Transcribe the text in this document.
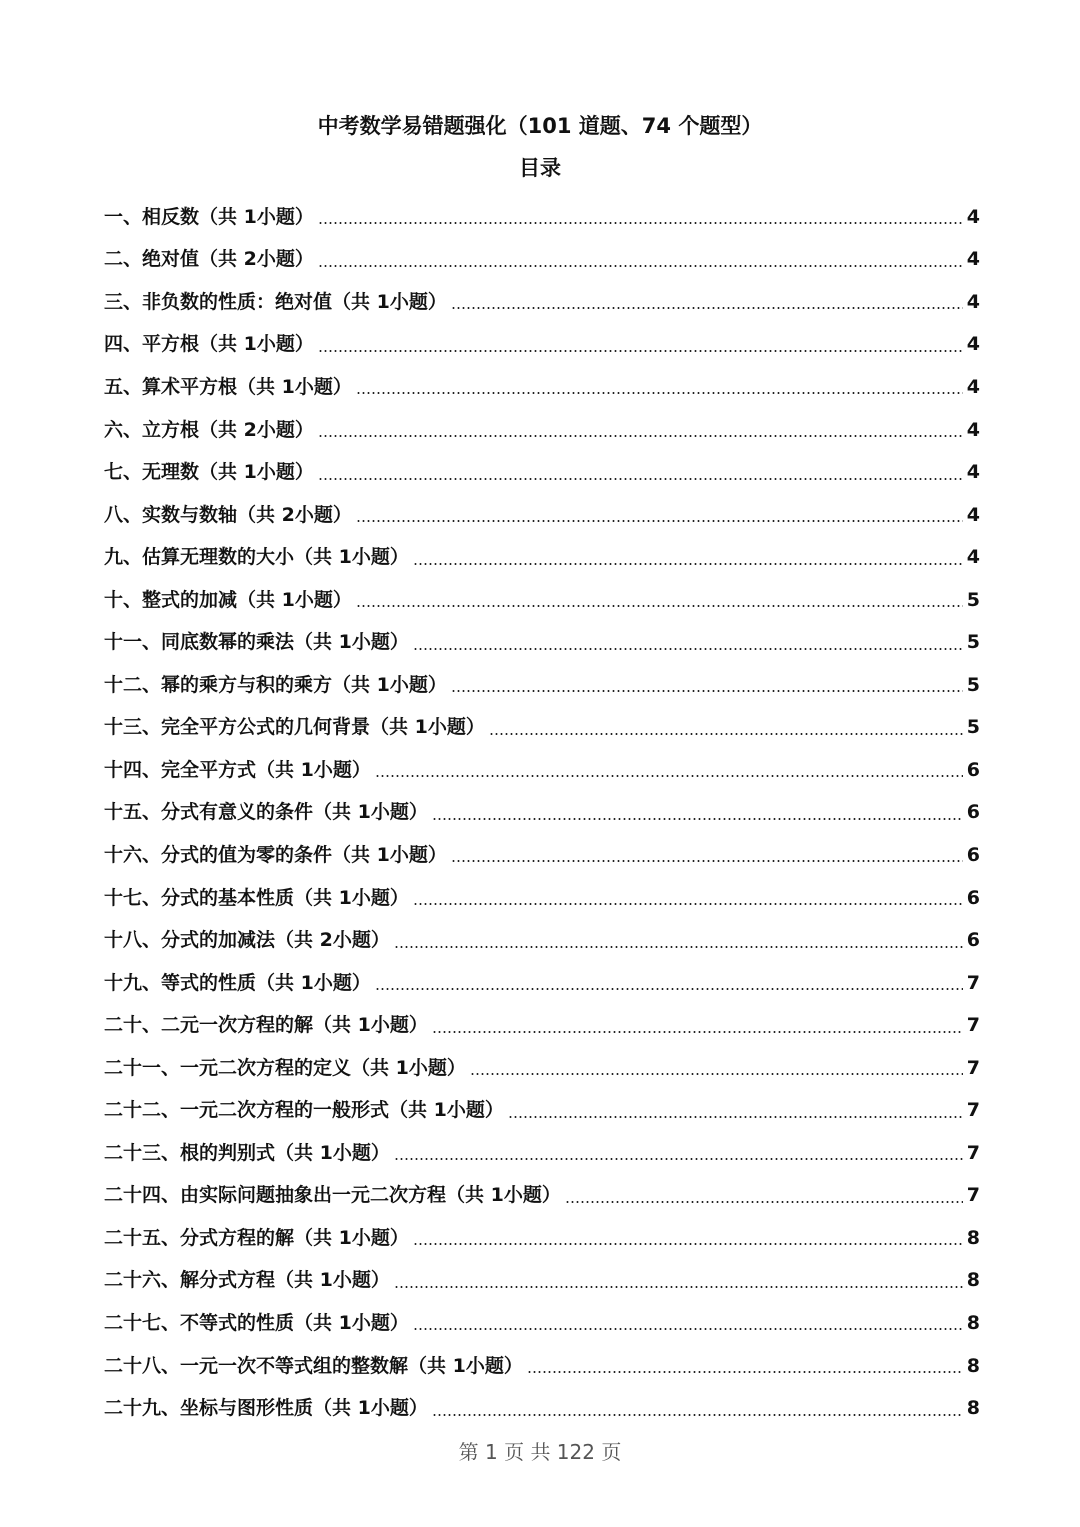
中考数学易错题强化（101 道题、74 个题型）
目录
一、相反数（共 1小题）	4
二、绝对值（共 2小题）	4
三、非负数的性质：绝对值（共 1小题）	4
四、平方根（共 1小题）	4
五、算术平方根（共 1小题）	4
六、立方根（共 2小题）	4
七、无理数（共 1小题）	4
八、实数与数轴（共 2小题）	4
九、估算无理数的大小（共 1小题）	4
十、整式的加减（共 1小题）	5
十一、同底数幂的乘法（共 1小题）	5
十二、幂的乘方与积的乘方（共 1小题）	5
十三、完全平方公式的几何背景（共 1小题）	5
十四、完全平方式（共 1小题）	6
十五、分式有意义的条件（共 1小题）	6
十六、分式的值为零的条件（共 1小题）	6
十七、分式的基本性质（共 1小题）	6
十八、分式的加减法（共 2小题）	6
十九、等式的性质（共 1小题）	7
二十、二元一次方程的解（共 1小题）	7
二十一、一元二次方程的定义（共 1小题）	7
二十二、一元二次方程的一般形式（共 1小题）	7
二十三、根的判别式（共 1小题）	7
二十四、由实际问题抽象出一元二次方程（共 1小题）	7
二十五、分式方程的解（共 1小题）	8
二十六、解分式方程（共 1小题）	8
二十七、不等式的性质（共 1小题）	8
二十八、一元一次不等式组的整数解（共 1小题）	8
二十九、坐标与图形性质（共 1小题）	8
第 1 页 共 122 页
